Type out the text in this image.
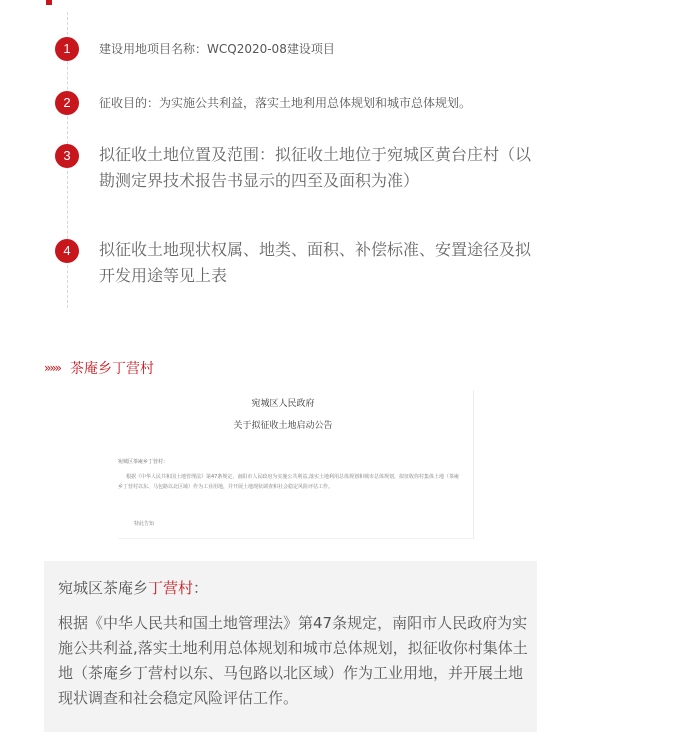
1	建设用地项目名称：WCQ2020-08建设项目
2	征收目的：为实施公共利益，落实土地利用总体规划和城市总体规划。
3	拟征收土地位置及范围：拟征收土地位于宛城区黄台庄村（以勘测定界技术报告书显示的四至及面积为准）
4	拟征收土地现状权属、地类、面积、补偿标准、安置途径及拟开发用途等见上表
»»» 茶庵乡丁营村
宛城区人民政府
关于拟征收土地启动公告
宛城区茶庵乡丁营村：
根据《中华人民共和国土地管理法》第47条规定，南阳市人民政府为实施公共利益,落实土地利用总体规划和城市总体规划，拟征收你村集体土地（茶庵乡丁营村以东、马包路以北区域）作为工业用地，并开展土地现状调查和社会稳定风险评估工作。
特此告知
宛城区茶庵乡丁营村：
根据《中华人民共和国土地管理法》第47条规定，南阳市人民政府为实施公共利益,落实土地利用总体规划和城市总体规划，拟征收你村集体土地（茶庵乡丁营村以东、马包路以北区域）作为工业用地，并开展土地现状调查和社会稳定风险评估工作。
